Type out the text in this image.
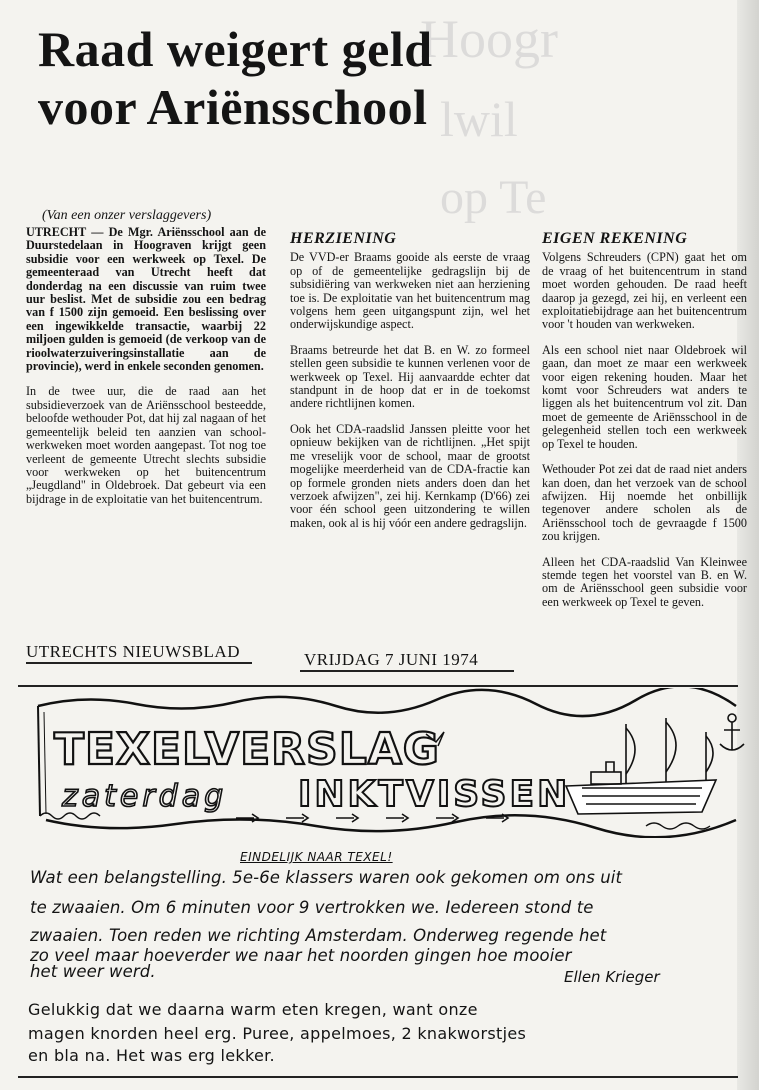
Hoogr
lwil
op Te
Raad weigert geld
voor Ariënsschool
(Van een onzer verslaggevers)

UTRECHT — De Mgr. Ariënsschool aan de Duurstedelaan in Hoograven krijgt geen subsidie voor een werkweek op Texel. De gemeenteraad van Utrecht heeft dat donderdag na een discussie van ruim twee uur beslist. Met de subsidie zou een bedrag van f 1500 zijn gemoeid. Een beslissing over een ingewikkelde transactie, waarbij 22 miljoen gulden is gemoeid (de verkoop van de rioolwaterzuiveringsinstallatie aan de provincie), werd in enkele seconden genomen.

In de twee uur, die de raad aan het subsidieverzoek van de Ariënsschool besteedde, beloofde wethouder Pot, dat hij zal nagaan of het gemeentelijk beleid ten aanzien van school-werkweken moet worden aangepast. Tot nog toe verleent de gemeente Utrecht slechts subsidie voor werkweken op het buitencentrum „Jeugdland" in Oldebroek. Dat gebeurt via een bijdrage in de exploitatie van het buitencentrum.

HERZIENING

De VVD-er Braams gooide als eerste de vraag op of de gemeentelijke gedragslijn bij de subsidiëring van werkweken niet aan herziening toe is. De exploitatie van het buitencentrum mag volgens hem geen uitgangspunt zijn, wel het onderwijskundige aspect.

Braams betreurde het dat B. en W. zo formeel stellen geen subsidie te kunnen verlenen voor de werkweek op Texel. Hij aanvaardde echter dat standpunt in de hoop dat er in de toekomst andere richtlijnen komen.

Ook het CDA-raadslid Janssen pleitte voor het opnieuw bekijken van de richtlijnen. „Het spijt me vreselijk voor de school, maar de grootst mogelijke meerderheid van de CDA-fractie kan op formele gronden niets anders doen dan het verzoek afwijzen", zei hij. Kernkamp (D'66) zei voor één school geen uitzondering te willen maken, ook al is hij vóór een andere gedragslijn.

EIGEN REKENING

Volgens Schreuders (CPN) gaat het om de vraag of het buitencentrum in stand moet worden gehouden. De raad heeft daarop ja gezegd, zei hij, en verleent een exploitatiebijdrage aan het buitencentrum voor 't houden van werkweken.

Als een school niet naar Oldebroek wil gaan, dan moet ze maar een werkweek voor eigen rekening houden. Maar het komt voor Schreuders wat anders te liggen als het buitencentrum vol zit. Dan moet de gemeente de Ariënsschool in de gelegenheid stellen toch een werkweek op Texel te houden.

Wethouder Pot zei dat de raad niet anders kan doen, dan het verzoek van de school afwijzen. Hij noemde het onbillijk tegenover andere scholen als de Ariënsschool toch de gevraagde f 1500 zou krijgen.

Alleen het CDA-raadslid Van Kleinwee stemde tegen het voorstel van B. en W. om de Ariënsschool geen subsidie voor een werkweek op Texel te geven.

UTRECHTS NIEUWSBLAD	VRIJDAG 7 JUNI 1974
TEXELVERSLAG
zaterdag INKTVISSEN
EINDELIJK NAAR TEXEL!
Wat een belangstelling. 5e-6e klassers waren ook gekomen om ons uit
te zwaaien. Om 6 minuten voor 9 vertrokken we. Iedereen stond te
zwaaien. Toen reden we richting Amsterdam. Onderweg regende het
zo veel maar hoeverder we naar het noorden gingen hoe mooier
het weer werd.	Ellen Krieger
Gelukkig dat we daarna warm eten kregen, want onze
magen knorden heel erg. Puree, appelmoes, 2 knakworstjes
en bla na. Het was erg lekker.
